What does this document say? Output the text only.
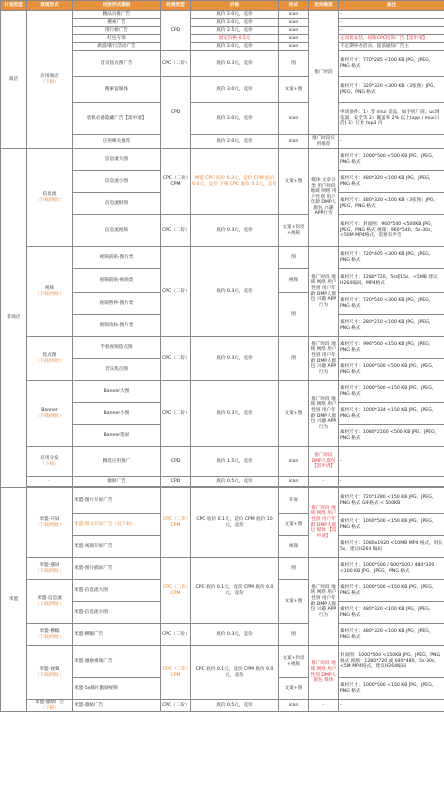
计划类型	展现形式	投放形式模板	收费类型	价格	形式	定向维度	备注
商店	应用商店
（下载）	精品页推广告	CPD	底价 2.0元，竞价	icon	推广时段	-
		搜索广告		底价 2.0元，竞价	icon		-
		排行榜广告		底价 2.5元，竞价	icon		-
		红包专场		固定价格 0.5元	icon		定向优安装，按版CPC结算广告【需申请】
		新游/新行活动广告		底价 2.0元，竞价	icon		不定期举办活动，提前通知广告主
		首页焦点图广告	CPC（二价）	底价 0.3元，竞价	图		素材尺寸：770*285 <100 KB JPG，JPEG，PNG 格式
		搜索富媒体	CPD	底价 3.0元，竞价	文案+图		素材尺寸：320*320 <300 KB（3张图）JPG，JPEG，PNG 格式
		装机必备隐藏广告【需申请】		底价 2.0元，竞价	icon		申请条件：1）非 miui 竞品，如手机厂商、uc浏览器、安全等 2）覆盖率 2% 以上(app / miui日活) 3）行业 top3 内
		应用相关推荐		底价 2.0元，竞价	icon	推广时段应用推荐	-
非商店	信息流
（下载/网址）	信息流大图	CPC（二价）CPM	网盟 CPC 底价 0.3元，竞价 CPM 底价 6.0元，竞价 下载 CPC 底价 0.3元，竞价	文案+图	媒体 文章分类 用户时段 地域 网络 用户性别 用户年龄 DMP人群包 兴趣 APP行为	素材尺寸：1000*500 <500 KB JPG，JPEG，PNG 格式
		信息流小图					素材尺寸：480*320 <100 KB JPG，JPEG，PNG 格式
		信息流组图					素材尺寸：480*320 <100 KB（3张图）JPG，JPEG，PNG 格式
		信息流视频	CPC（二价）	底价 0.3元，竞价	文案+封皮+视频		素材尺寸：封面图：960*540 <500KB JPG，JPEG，PNG 格式 视频：960*540，5s-30s，<50M MP4格式，需要有声音
	视频
（下载/网址）	视频前贴-图片类	CPC（二价）	底价 0.3元，竞价	图	推广时段 地域 网络 用户性别 用户年龄 DMP人群包 兴趣 APP行为	素材尺寸：720*405 <300 KB JPG，JPEG，PNG 格式
		视频前贴-视频类			视频		素材尺寸：1280*720，5s或15s，<5MB 建议H264编码，MP4格式
		视频暂停-图片类			图		素材尺寸：720*540 <300 KB JPG，JPEG，PNG 格式
		视频角标-图片类					素材尺寸：280*210 <100 KB JPG，JPEG，PNG 格式
	焦点图
（下载/网址）	手机视频焦点图	CPC（二价）	底价 0.3元，竞价	图	推广时段 地域 网络 用户性别 用户年龄 DMP人群包 兴趣 APP行为	素材尺寸：996*560 <150 KB JPG，JPEG，PNG 格式
		音乐焦点图					素材尺寸：1000*500 <500 KB JPG，JPEG，PNG 格式
	Banner
（下载/网址）	Banner大图	CPC（二价）	底价 0.3元，竞价	文案+图	推广时段 地域 网络 用户性别 用户年龄 DMP人群包 兴趣 APP行为	素材尺寸：1000*500 <150 KB JPG，JPEG，PNG 格式
		Banner小图					素材尺寸：1000*334 <150 KB JPG，JPEG，PNG 格式
		Banner选屏					素材尺寸：1080*2160 <500 KB JPG，JPEG，PNG 格式
	应用分发
（下载）	精选应用推广	CPD	底价 1.5元，竞价	icon	推广时段 DMP人群包 【需申请】	-
	-	激励广告	CPD	底价 0.5元，竞价	icon	-	-

米盟	米盟-开屏
（下载/网址）	米盟-图片开屏广告	CPC（二价）CPM	CPC 底价 0.1元，竞价 CPM 底价 10元，竞价	开屏	推广时段 地域 网络 用户性别 用户年龄 DMP人群包 媒体 【需申请】	素材尺寸：720*1280 <150 KB JPG，JPEG，PNG 格式 GIF格式 < 500KB
		米盟-图文开屏广告（仅下载）			文案+图		素材尺寸：1000*500 <150 KB JPG，JPEG，PNG 格式
		米盟-视频开屏广告			视频		素材尺寸：1080x1920 <10MB MP4 格式，时长 5s，建议H264 编码
	米盟-插屏
（下载/网址）	米盟-图片插屏广告	CPC（二价）CPM	CPC 底价 0.1元，竞价 CPM 底价 6.0元，竞价	图	推广时段 地域 网络 用户性别 用户年龄 DMP人群包 兴趣 APP行为	素材尺寸：1000*500 / 600*500 / 480*320 <100 KB JPG，JPEG，PNG 格式
	米盟-信息流
（下载/网址）	米盟-信息流大图			文案+图		素材尺寸：1000*500 <150 KB JPG，JPEG，PNG 格式
		米盟-信息流小图					素材尺寸：480*320 <100 KB JPG，JPEG，PNG 格式
	米盟-横幅
（下载/网址）	米盟-横幅广告	CPC（二价）	底价 0.3元，竞价	图		素材尺寸：480*320 <100 KB JPG，JPEG，PNG 格式
	米盟-视频
（下载/网址）	米盟-激励视频广告	CPC（二价）CPM	CPC 底价 0.1元，竞价 CPM 底价 6.0元，竞价	文案+封皮+视频	推广时段 地域 网络 用户性别 DMP人群包 媒体	封面图：1000*500 <150KB JPG，JPEG，PNG 格式 视频：1280*720 或 640*480，5s-30s，<5M MP4格式，建议H264编码
		米盟-5s插片激励视频			文案+图		素材尺寸：1000*500 <150 KB JPG，JPEG，PNG 格式
	米盟-激励广告
（下载）	米盟-激励广告	CPC（二价）	底价 0.5元，竞价	icon	-	-
